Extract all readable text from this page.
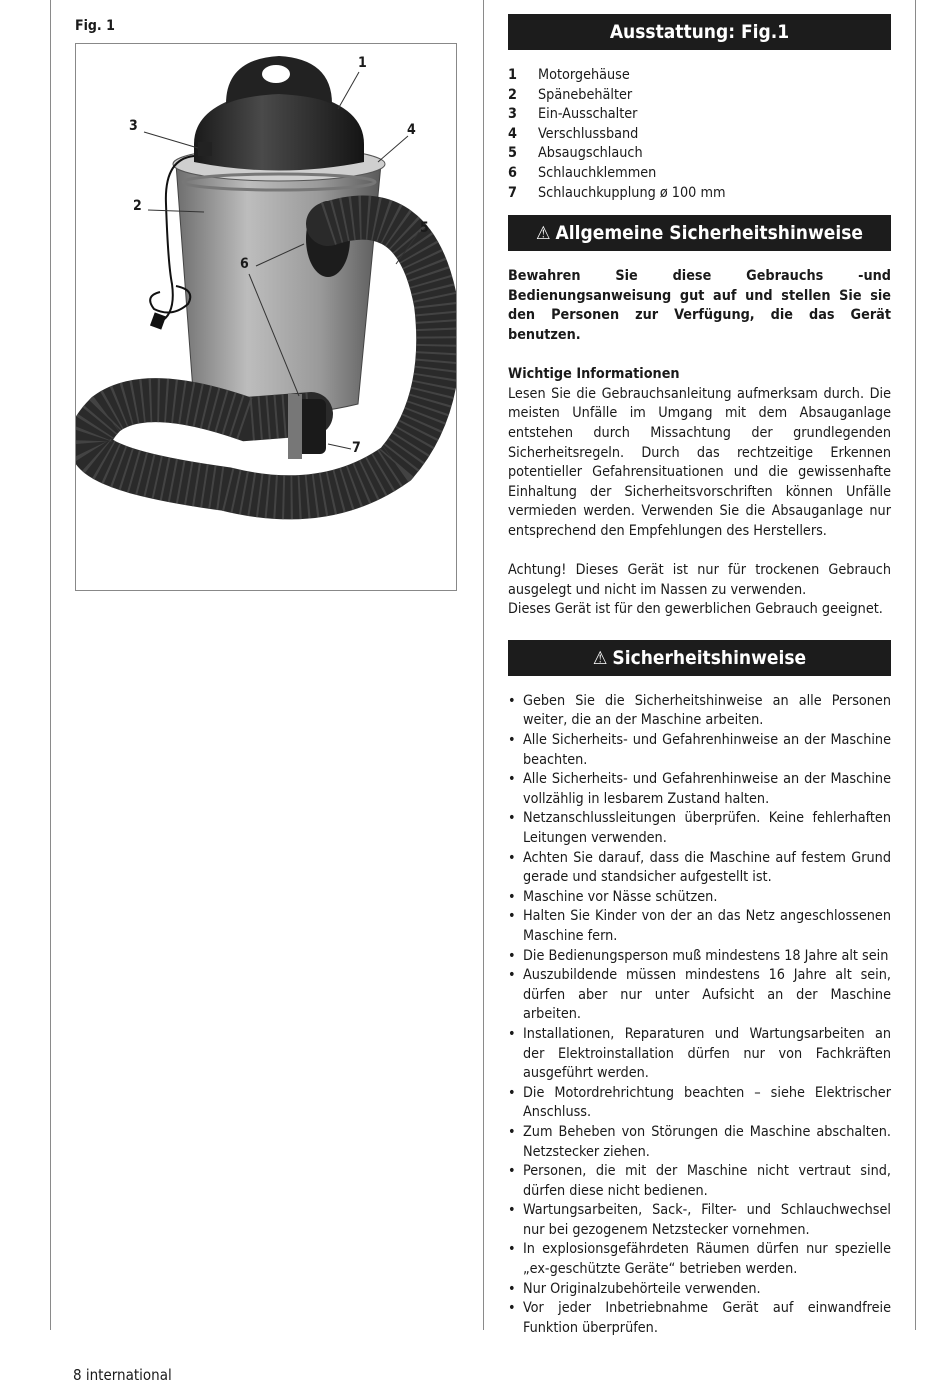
Fig. 1
1
2
3	4
5
6
7
Ausstattung: Fig.1
1	Motorgehäuse
2	Spänebehälter
3	Ein-Ausschalter
4	Verschlussband
5	Absaugschlauch
6	Schlauchklemmen
7	Schlauchkupplung ø 100 mm
⚠ Allgemeine Sicherheitshinweise

Bewahren Sie diese Gebrauchs -und Bedienungsanweisung gut auf und stellen Sie sie den Personen zur Verfügung, die das Gerät benutzen.

Wichtige Informationen

Lesen Sie die Gebrauchsanleitung aufmerksam durch. Die meisten Unfälle im Umgang mit dem Absauganlage entstehen durch Missachtung der grundlegenden Sicherheitsregeln. Durch das rechtzeitige Erkennen potentieller Gefahrensituationen und die gewissenhafte Einhaltung der Sicherheitsvorschriften können Unfälle vermieden werden. Verwenden Sie die Absauganlage nur entsprechend den Empfehlungen des Herstellers.

Achtung! Dieses Gerät ist nur für trockenen Gebrauch ausgelegt und nicht im Nassen zu verwenden.

Dieses Gerät ist für den gewerblichen Gebrauch geeignet.

⚠ Sicherheitshinweise
• Geben Sie die Sicherheitshinweise an alle Personen weiter, die an der Maschine arbeiten.
• Alle Sicherheits- und Gefahrenhinweise an der Maschine beachten.
• Alle Sicherheits- und Gefahrenhinweise an der Maschine vollzählig in lesbarem Zustand halten.
• Netzanschlussleitungen überprüfen. Keine fehlerhaften Leitungen verwenden.
• Achten Sie darauf, dass die Maschine auf festem Grund gerade und standsicher aufgestellt ist.
• Maschine vor Nässe schützen.
• Halten Sie Kinder von der an das Netz angeschlossenen Maschine fern.
• Die Bedienungsperson muß mindestens 18 Jahre alt sein
• Auszubildende müssen mindestens 16 Jahre alt sein, dürfen aber nur unter Aufsicht an der Maschine arbeiten.
• Installationen, Reparaturen und Wartungsarbeiten an der Elektroinstallation dürfen nur von Fachkräften ausgeführt werden.
• Die Motordrehrichtung beachten – siehe Elektrischer Anschluss.
• Zum Beheben von Störungen die Maschine abschalten. Netzstecker ziehen.
• Personen, die mit der Maschine nicht vertraut sind, dürfen diese nicht bedienen.
• Wartungsarbeiten, Sack-, Filter- und Schlauchwechsel nur bei gezogenem Netzstecker vornehmen.
• In explosionsgefährdeten Räumen dürfen nur spezielle „ex-geschützte Geräte“ betrieben werden.
• Nur Originalzubehörteile verwenden.
• Vor jeder Inbetriebnahme Gerät auf einwandfreie Funktion überprüfen.
8 international
